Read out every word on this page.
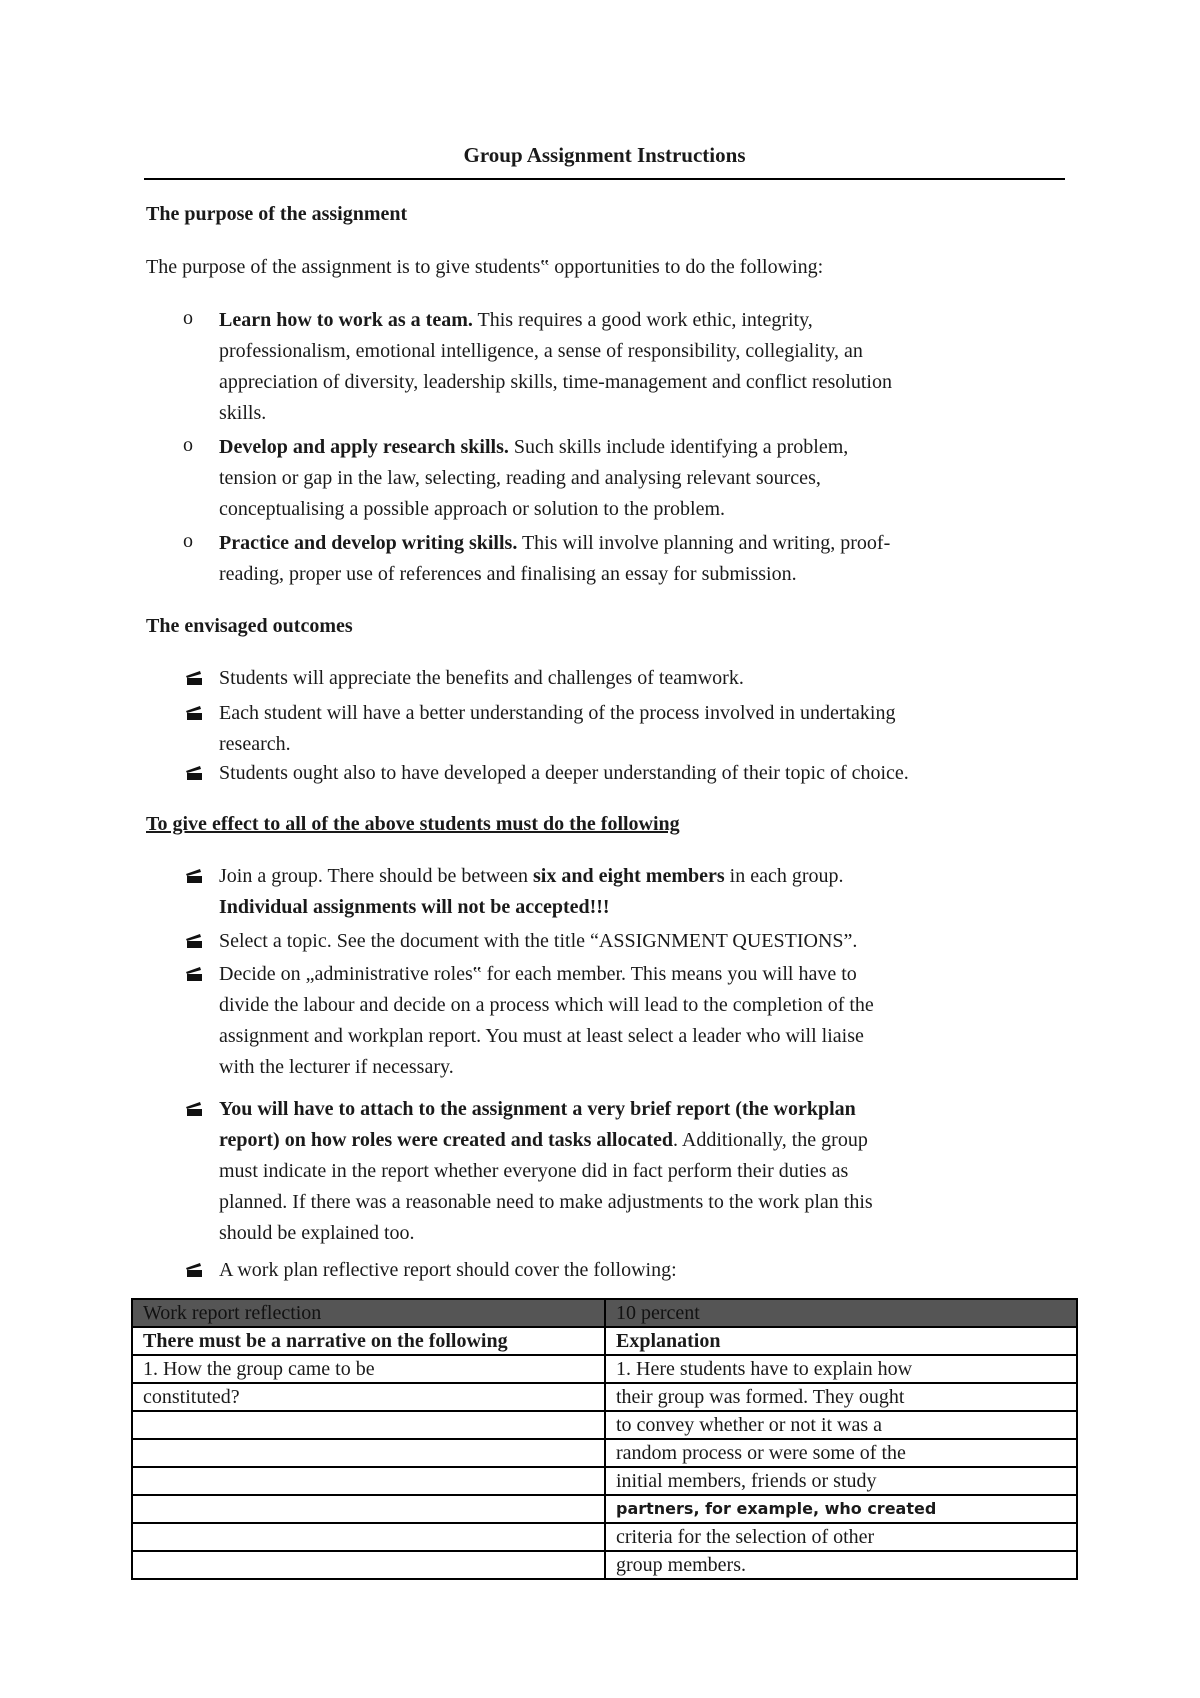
Group Assignment Instructions
The purpose of the assignment
The purpose of the assignment is to give students‟ opportunities to do the following:
o Learn how to work as a team. This requires a good work ethic, integrity,
professionalism, emotional intelligence, a sense of responsibility, collegiality, an
appreciation of diversity, leadership skills, time-management and conflict resolution
skills.
o Develop and apply research skills. Such skills include identifying a problem,
tension or gap in the law, selecting, reading and analysing relevant sources,
conceptualising a possible approach or solution to the problem.
o Practice and develop writing skills. This will involve planning and writing, proof-
reading, proper use of references and finalising an essay for submission.
The envisaged outcomes
Students will appreciate the benefits and challenges of teamwork.
Each student will have a better understanding of the process involved in undertaking
research.
Students ought also to have developed a deeper understanding of their topic of choice.
To give effect to all of the above students must do the following
Join a group. There should be between six and eight members in each group.
Individual assignments will not be accepted!!!
Select a topic. See the document with the title “ASSIGNMENT QUESTIONS”.
Decide on „administrative roles‟ for each member. This means you will have to
divide the labour and decide on a process which will lead to the completion of the
assignment and workplan report. You must at least select a leader who will liaise
with the lecturer if necessary.
You will have to attach to the assignment a very brief report (the workplan
report) on how roles were created and tasks allocated. Additionally, the group
must indicate in the report whether everyone did in fact perform their duties as
planned. If there was a reasonable need to make adjustments to the work plan this
should be explained too.
A work plan reflective report should cover the following:
Work report reflection	10 percent
There must be a narrative on the following	Explanation
1. How the group came to be	1. Here students have to explain how
constituted?	their group was formed. They ought
	to convey whether or not it was a
	random process or were some of the
	initial members, friends or study
	partners, for example, who created
	criteria for the selection of other
	group members.
